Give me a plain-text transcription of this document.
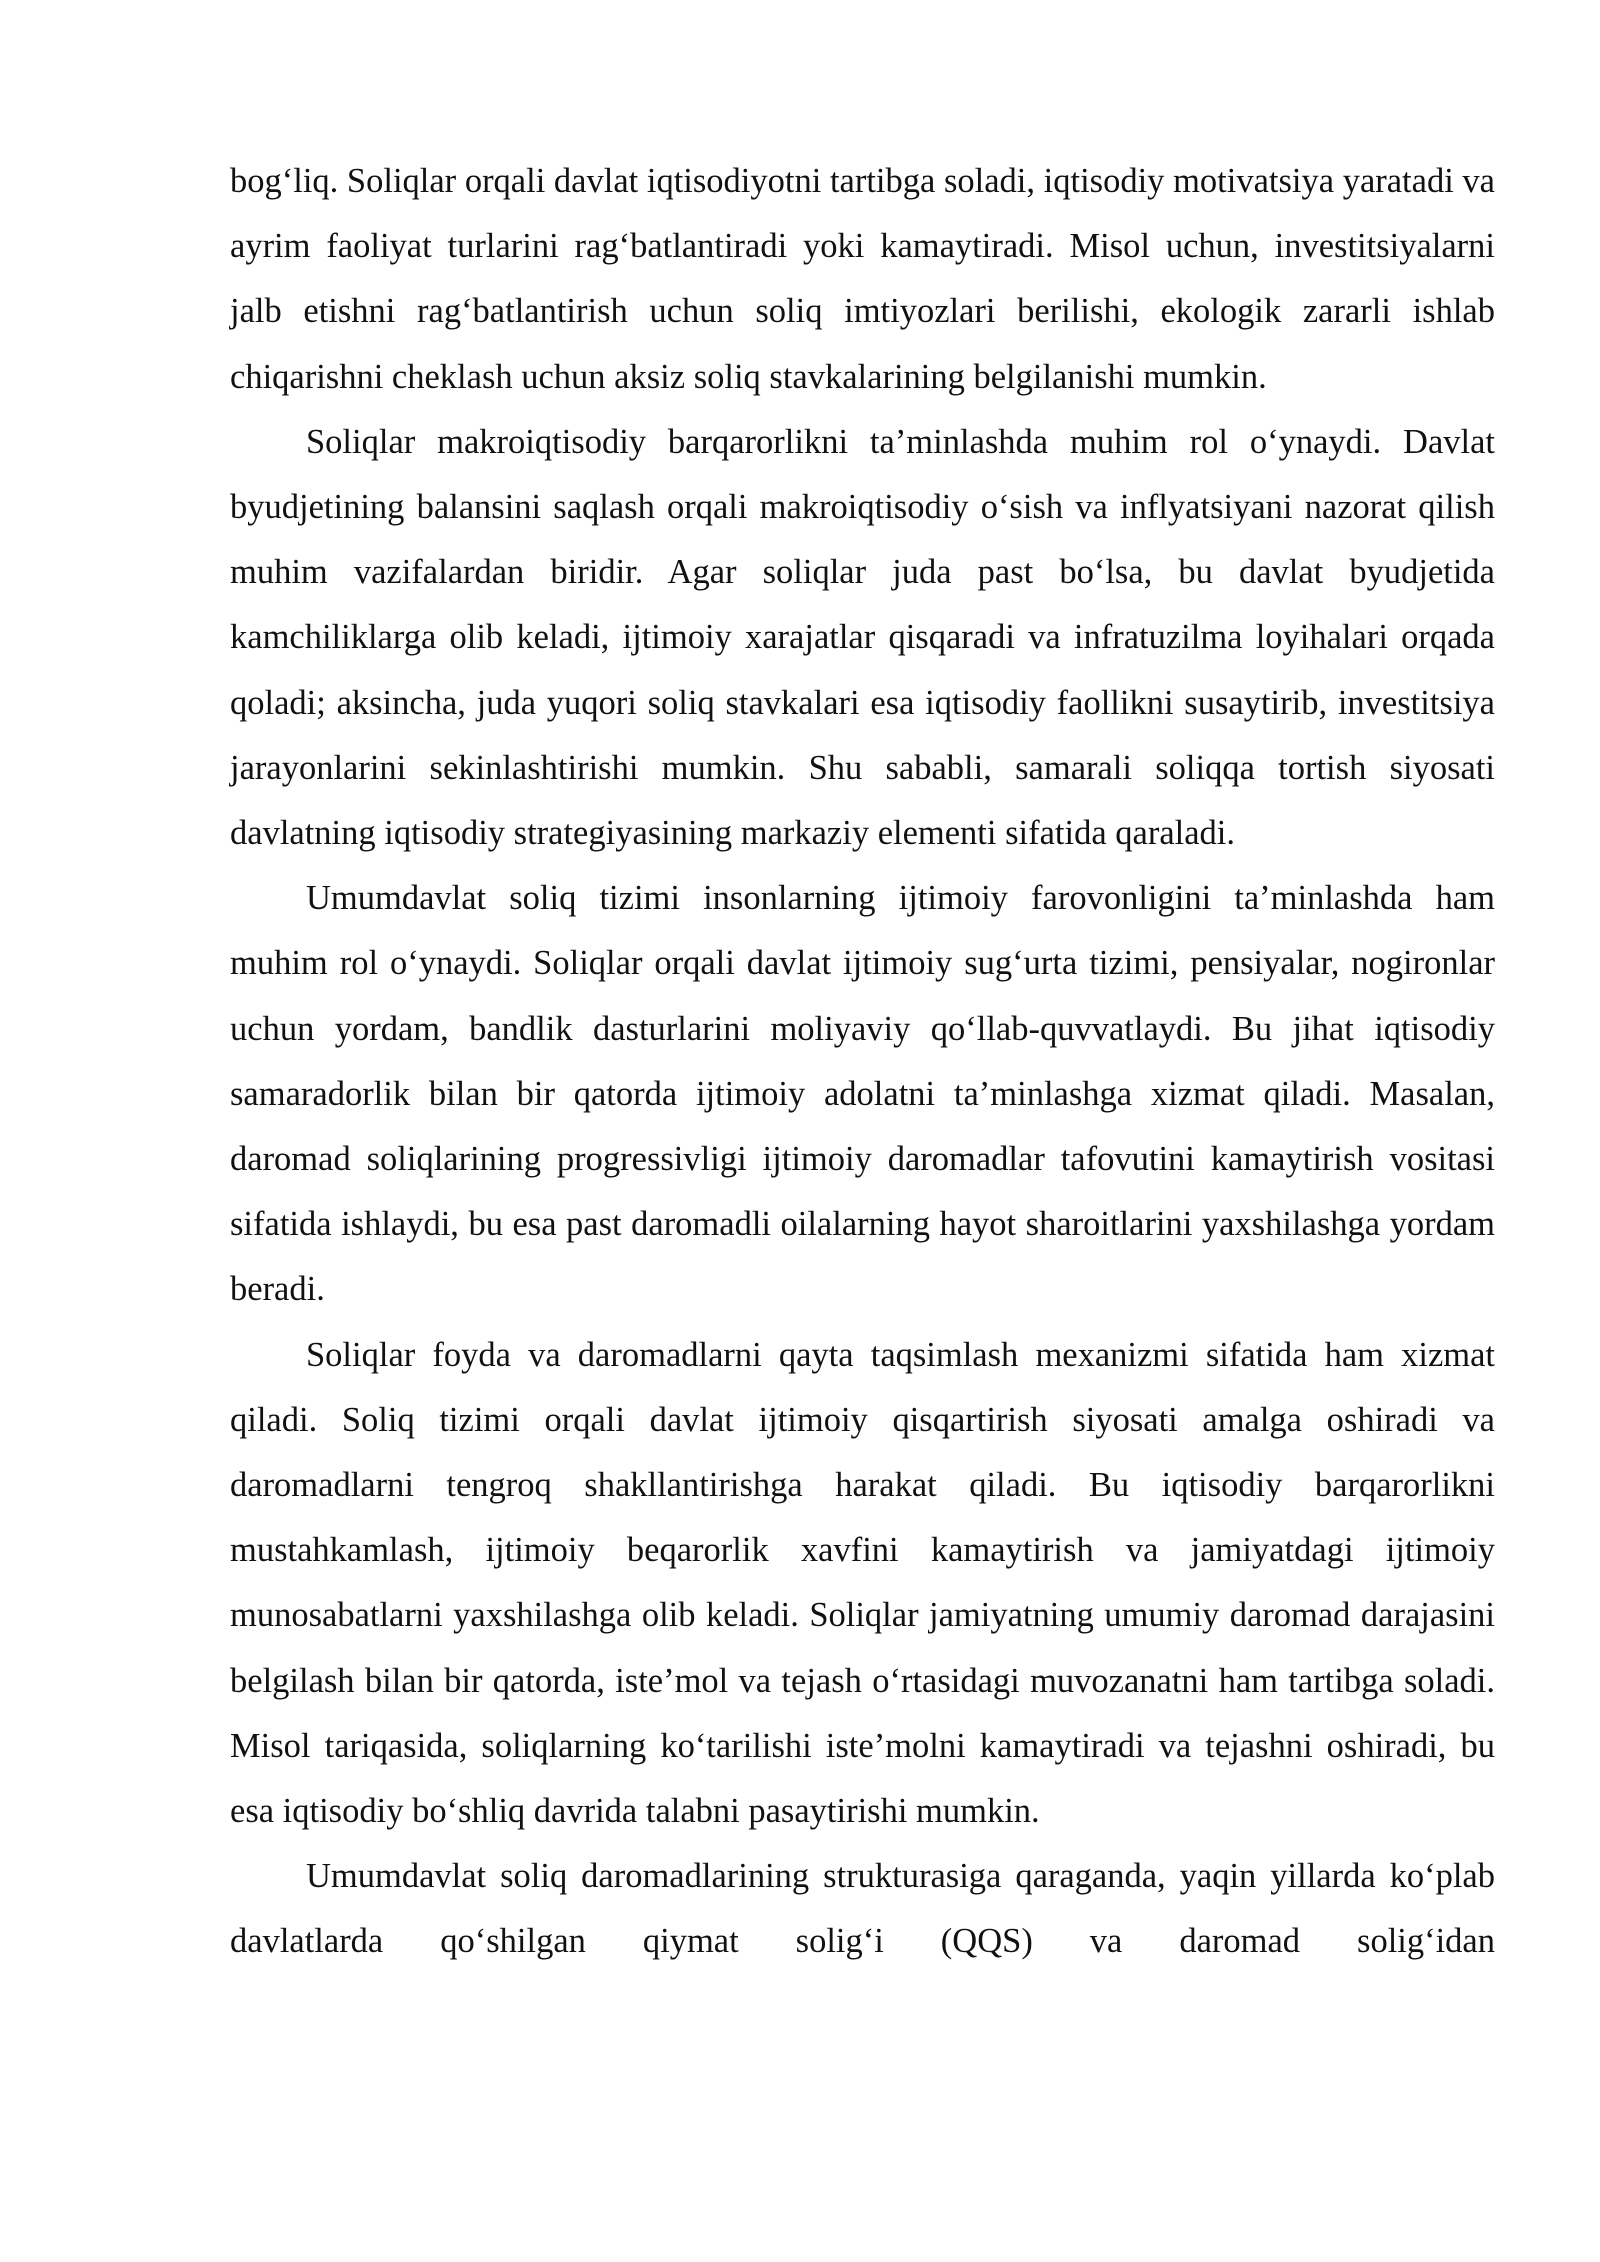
bog‘liq. Soliqlar orqali davlat iqtisodiyotni tartibga soladi, iqtisodiy motivatsiya yaratadi va ayrim faoliyat turlarini rag‘batlantiradi yoki kamaytiradi. Misol uchun, investitsiyalarni jalb etishni rag‘batlantirish uchun soliq imtiyozlari berilishi, ekologik zararli ishlab chiqarishni cheklash uchun aksiz soliq stavkalarining belgilanishi mumkin.

Soliqlar makroiqtisodiy barqarorlikni ta’minlashda muhim rol o‘ynaydi. Davlat byudjetining balansini saqlash orqali makroiqtisodiy o‘sish va inflyatsiyani nazorat qilish muhim vazifalardan biridir. Agar soliqlar juda past bo‘lsa, bu davlat byudjetida kamchiliklarga olib keladi, ijtimoiy xarajatlar qisqaradi va infratuzilma loyihalari orqada qoladi; aksincha, juda yuqori soliq stavkalari esa iqtisodiy faollikni susaytirib, investitsiya jarayonlarini sekinlashtirishi mumkin. Shu sababli, samarali soliqqa tortish siyosati davlatning iqtisodiy strategiyasining markaziy elementi sifatida qaraladi.

Umumdavlat soliq tizimi insonlarning ijtimoiy farovonligini ta’minlashda ham muhim rol o‘ynaydi. Soliqlar orqali davlat ijtimoiy sug‘urta tizimi, pensiyalar, nogironlar uchun yordam, bandlik dasturlarini moliyaviy qo‘llab-quvvatlaydi. Bu jihat iqtisodiy samaradorlik bilan bir qatorda ijtimoiy adolatni ta’minlashga xizmat qiladi. Masalan, daromad soliqlarining progressivligi ijtimoiy daromadlar tafovutini kamaytirish vositasi sifatida ishlaydi, bu esa past daromadli oilalarning hayot sharoitlarini yaxshilashga yordam beradi.

Soliqlar foyda va daromadlarni qayta taqsimlash mexanizmi sifatida ham xizmat qiladi. Soliq tizimi orqali davlat ijtimoiy qisqartirish siyosati amalga oshiradi va daromadlarni tengroq shakllantirishga harakat qiladi. Bu iqtisodiy barqarorlikni mustahkamlash, ijtimoiy beqarorlik xavfini kamaytirish va jamiyatdagi ijtimoiy munosabatlarni yaxshilashga olib keladi. Soliqlar jamiyatning umumiy daromad darajasini belgilash bilan bir qatorda, iste’mol va tejash o‘rtasidagi muvozanatni ham tartibga soladi. Misol tariqasida, soliqlarning ko‘tarilishi iste’molni kamaytiradi va tejashni oshiradi, bu esa iqtisodiy bo‘shliq davrida talabni pasaytirishi mumkin.

Umumdavlat soliq daromadlarining strukturasiga qaraganda, yaqin yillarda ko‘plab davlatlarda qo‘shilgan qiymat solig‘i (QQS) va daromad solig‘idan
